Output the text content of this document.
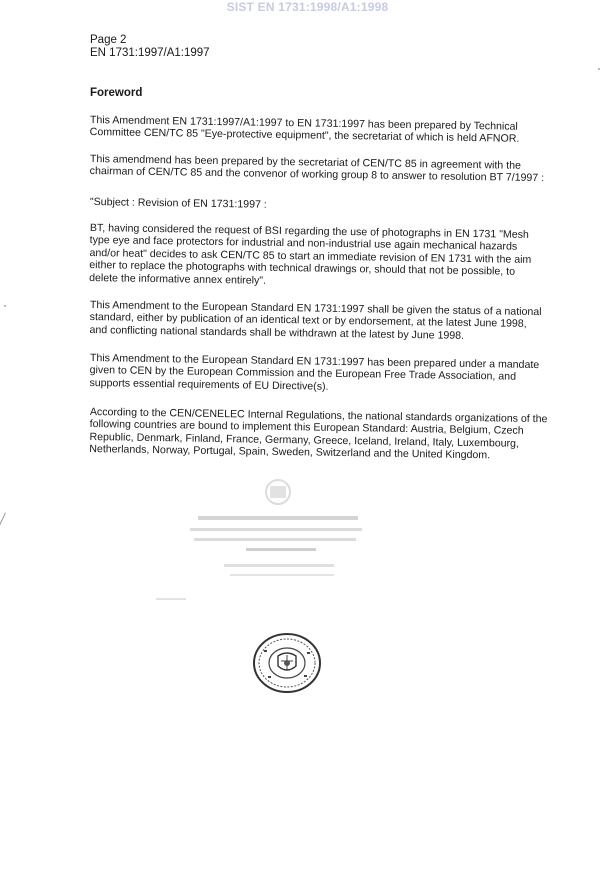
SIST EN 1731:1998/A1:1998
Page 2
EN 1731:1997/A1:1997
Foreword
This Amendment EN 1731:1997/A1:1997 to EN 1731:1997 has been prepared by Technical
Committee CEN/TC 85 "Eye-protective equipment", the secretariat of which is held AFNOR.
This amendmend has been prepared by the secretariat of CEN/TC 85 in agreement with the
chairman of CEN/TC 85 and the convenor of working group 8 to answer to resolution BT 7/1997 :
"Subject : Revision of EN 1731:1997 :
BT, having considered the request of BSI regarding the use of photographs in EN 1731 "Mesh
type eye and face protectors for industrial and non-industrial use again mechanical hazards
and/or heat" decides to ask CEN/TC 85 to start an immediate revision of EN 1731 with the aim
either to replace the photographs with technical drawings or, should that not be possible, to
delete the informative annex entirely".
This Amendment to the European Standard EN 1731:1997 shall be given the status of a national
standard, either by publication of an identical text or by endorsement, at the latest June 1998,
and conflicting national standards shall be withdrawn at the latest by June 1998.
This Amendment to the European Standard EN 1731:1997 has been prepared under a mandate
given to CEN by the European Commission and the European Free Trade Association, and
supports essential requirements of EU Directive(s).
According to the CEN/CENELEC Internal Regulations, the national standards organizations of the
following countries are bound to implement this European Standard: Austria, Belgium, Czech
Republic, Denmark, Finland, France, Germany, Greece, Iceland, Ireland, Italy, Luxembourg,
Netherlands, Norway, Portugal, Spain, Sweden, Switzerland and the United Kingdom.
